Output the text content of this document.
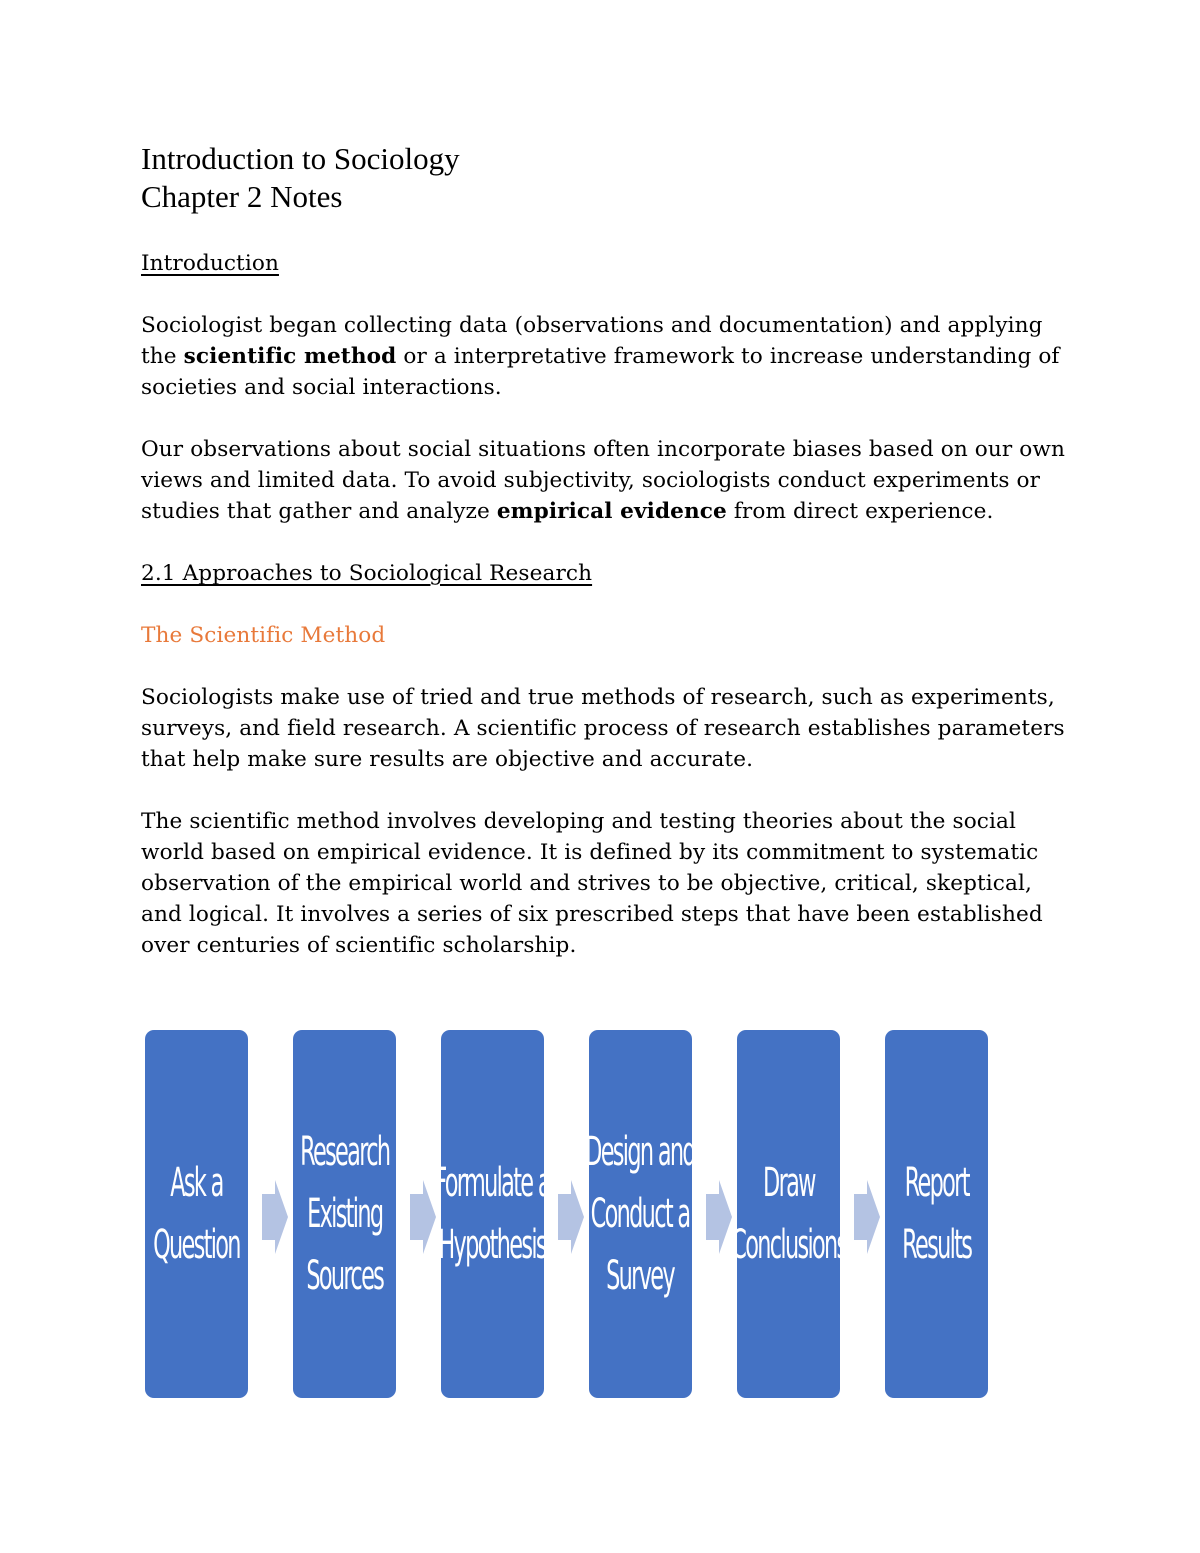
Introduction to Sociology
Chapter 2 Notes

Introduction

Sociologist began collecting data (observations and documentation) and applying the scientific method or a interpretative framework to increase understanding of societies and social interactions.

Our observations about social situations often incorporate biases based on our own views and limited data. To avoid subjectivity, sociologists conduct experiments or studies that gather and analyze empirical evidence from direct experience.

2.1 Approaches to Sociological Research

The Scientific Method

Sociologists make use of tried and true methods of research, such as experiments, surveys, and field research. A scientific process of research establishes parameters that help make sure results are objective and accurate.

The scientific method involves developing and testing theories about the social world based on empirical evidence. It is defined by its commitment to systematic observation of the empirical world and strives to be objective, critical, skeptical, and logical. It involves a series of six prescribed steps that have been established over centuries of scientific scholarship.

Ask a
Question
Research
Existing
Sources
Formulate a
Hypothesis
Design and
Conduct a
Survey
Draw
Conclusions
Report
Results
